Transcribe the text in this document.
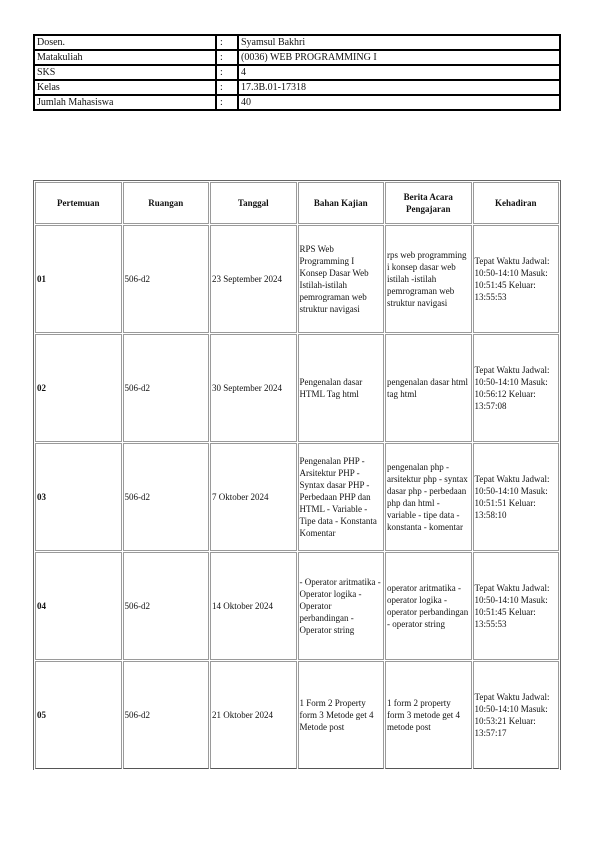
Dosen.	:	Syamsul Bakhri
Matakuliah	:	(0036) WEB PROGRAMMING I
SKS	:	4
Kelas	:	17.3B.01-17318
Jumlah Mahasiswa	:	40
Pertemuan	Ruangan	Tanggal	Bahan Kajian	Berita Acara Pengajaran	Kehadiran
01	506-d2	23 September 2024	RPS Web Programming I Konsep Dasar Web Istilah-istilah pemrograman web struktur navigasi	rps web programming i konsep dasar web istilah -istilah pemrograman web struktur navigasi	Tepat Waktu Jadwal: 10:50-14:10 Masuk: 10:51:45 Keluar: 13:55:53
02	506-d2	30 September 2024	Pengenalan dasar HTML Tag html	pengenalan dasar html tag html	Tepat Waktu Jadwal: 10:50-14:10 Masuk: 10:56:12 Keluar: 13:57:08
03	506-d2	7 Oktober 2024	Pengenalan PHP - Arsitektur PHP - Syntax dasar PHP - Perbedaan PHP dan HTML - Variable - Tipe data - Konstanta Komentar	pengenalan php - arsitektur php - syntax dasar php - perbedaan php dan html - variable - tipe data - konstanta - komentar	Tepat Waktu Jadwal: 10:50-14:10 Masuk: 10:51:51 Keluar: 13:58:10
04	506-d2	14 Oktober 2024	- Operator aritmatika - Operator logika - Operator perbandingan - Operator string	operator aritmatika - operator logika - operator perbandingan - operator string	Tepat Waktu Jadwal: 10:50-14:10 Masuk: 10:51:45 Keluar: 13:55:53
05	506-d2	21 Oktober 2024	1 Form 2 Property form 3 Metode get 4 Metode post	1 form 2 property form 3 metode get 4 metode post	Tepat Waktu Jadwal: 10:50-14:10 Masuk: 10:53:21 Keluar: 13:57:17
